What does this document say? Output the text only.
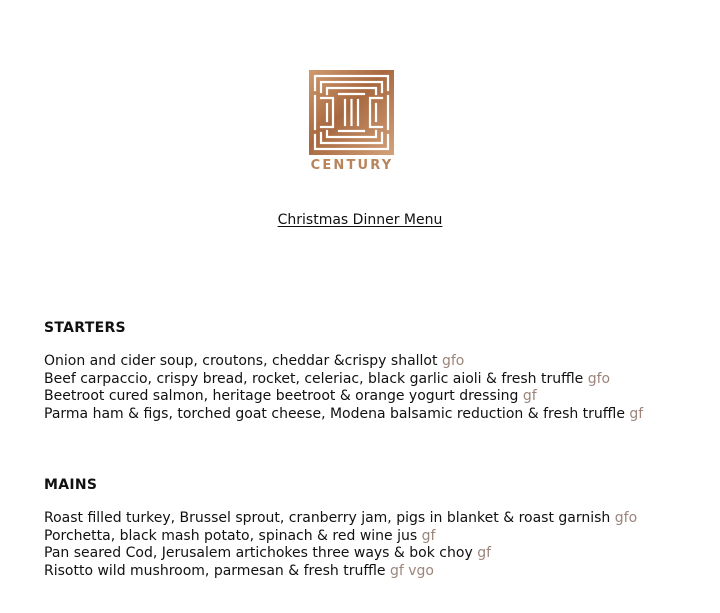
CENTURY
Christmas Dinner Menu
STARTERS
Onion and cider soup, croutons, cheddar &crispy shallot gfo
Beef carpaccio, crispy bread, rocket, celeriac, black garlic aioli & fresh truffle gfo
Beetroot cured salmon, heritage beetroot & orange yogurt dressing gf
Parma ham & figs, torched goat cheese, Modena balsamic reduction & fresh truffle gf
MAINS
Roast filled turkey, Brussel sprout, cranberry jam, pigs in blanket & roast garnish gfo
Porchetta, black mash potato, spinach & red wine jus gf
Pan seared Cod, Jerusalem artichokes three ways & bok choy gf
Risotto wild mushroom, parmesan & fresh truffle gf vgo
